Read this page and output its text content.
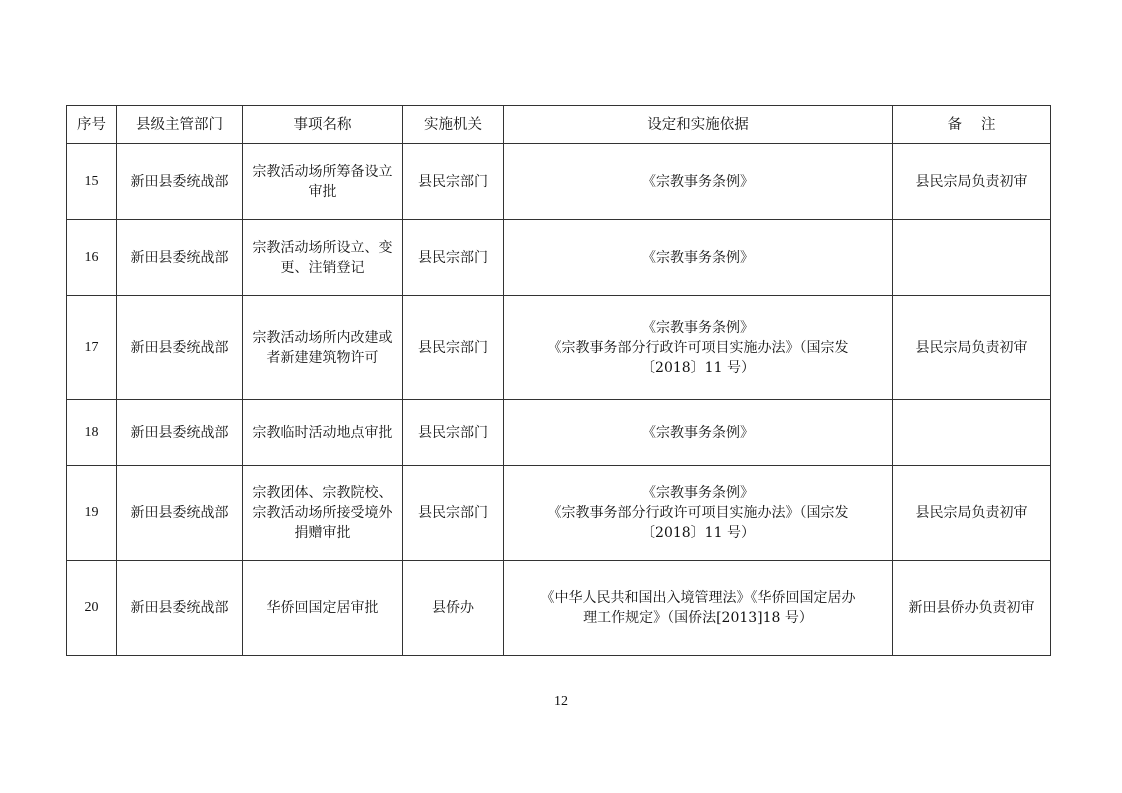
序号	县级主管部门	事项名称	实施机关	设定和实施依据	备　 注
15	新田县委统战部	宗教活动场所筹备设立审批	县民宗部门	《宗教事务条例》	县民宗局负责初审
16	新田县委统战部	宗教活动场所设立、变更、注销登记	县民宗部门	《宗教事务条例》	

17	新田县委统战部	宗教活动场所内改建或者新建建筑物许可	县民宗部门	《宗教事务条例》
《宗教事务部分行政许可项目实施办法》（国宗发
〔2018〕11 号）	县民宗局负责初审
18	新田县委统战部	宗教临时活动地点审批	县民宗部门	《宗教事务条例》	

19	新田县委统战部	宗教团体、宗教院校、宗教活动场所接受境外捐赠审批	县民宗部门	《宗教事务条例》
《宗教事务部分行政许可项目实施办法》（国宗发
〔2018〕11 号）	县民宗局负责初审
20	新田县委统战部	华侨回国定居审批	县侨办	《中华人民共和国出入境管理法》《华侨回国定居办
理工作规定》（国侨法[2013]18 号）	新田县侨办负责初审
12
